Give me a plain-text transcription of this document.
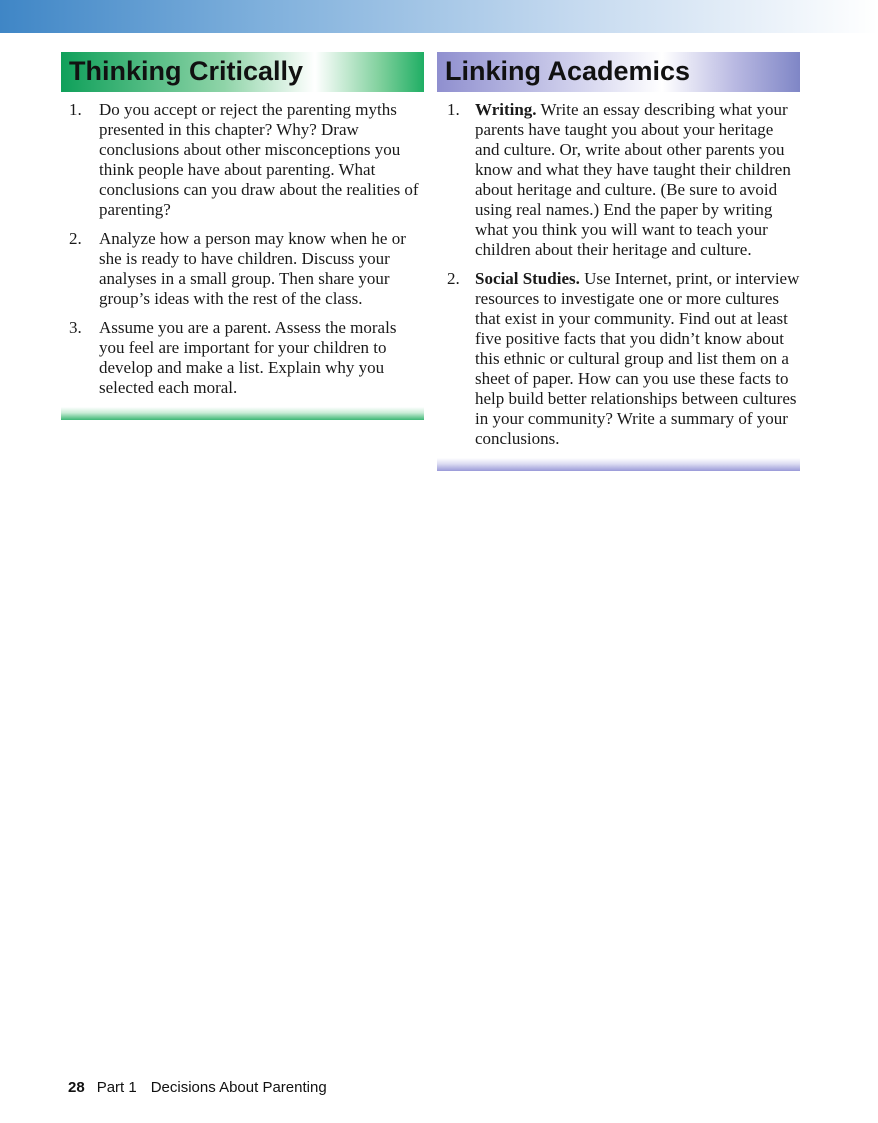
Thinking Critically
1. Do you accept or reject the parenting myths presented in this chapter? Why? Draw conclusions about other misconceptions you think people have about parenting. What conclusions can you draw about the realities of parenting?
2. Analyze how a person may know when he or she is ready to have children. Discuss your analyses in a small group. Then share your group’s ideas with the rest of the class.
3. Assume you are a parent. Assess the morals you feel are important for your children to develop and make a list. Explain why you selected each moral.
Linking Academics
1. Writing. Write an essay describing what your parents have taught you about your heritage and culture. Or, write about other parents you know and what they have taught their children about heritage and culture. (Be sure to avoid using real names.) End the paper by writing what you think you will want to teach your children about their heritage and culture.
2. Social Studies. Use Internet, print, or interview resources to investigate one or more cultures that exist in your community. Find out at least five positive facts that you didn’t know about this ethnic or cultural group and list them on a sheet of paper. How can you use these facts to help build better relationships between cultures in your community? Write a summary of your conclusions.
28 Part 1 Decisions About Parenting
